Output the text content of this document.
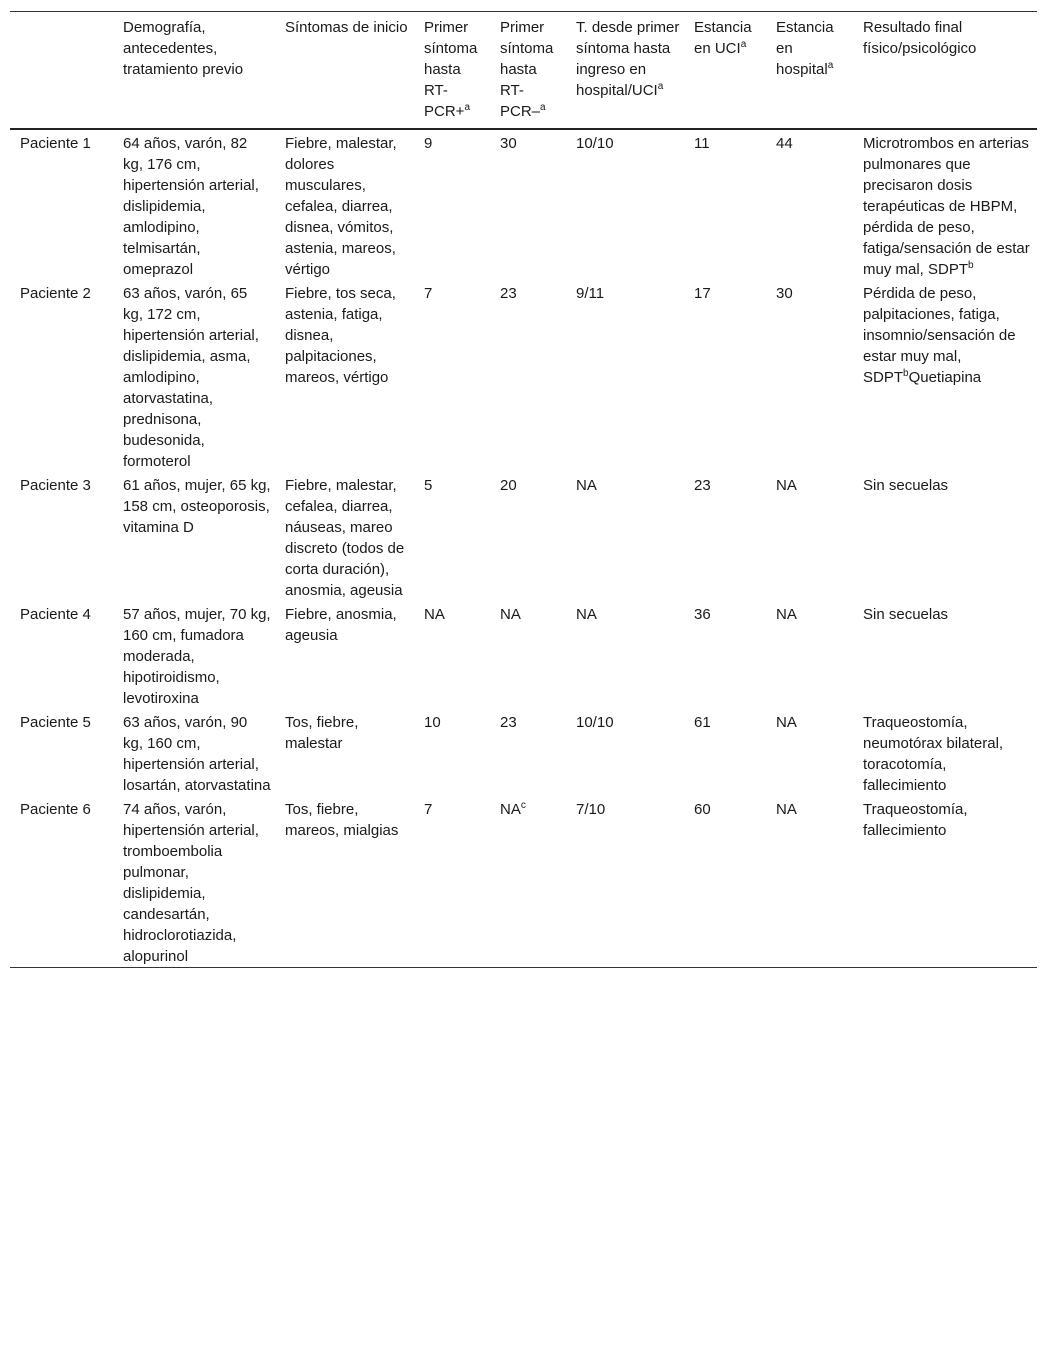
	Demografía, antecedentes, tratamiento previo	Síntomas de inicio	Primer síntoma hasta RT-PCR+$^a$	Primer síntoma hasta RT-PCR–$^a$	T. desde primer síntoma hasta ingreso en hospital/UCI$^a$	Estancia en UCI$^a$	Estancia en hospital$^a$	Resultado final físico/psicológico
Paciente 1	64 años, varón, 82 kg, 176 cm, hipertensión arterial, dislipidemia, amlodipino, telmisartán, omeprazol	Fiebre, malestar, dolores musculares, cefalea, diarrea, disnea, vómitos, astenia, mareos, vértigo	9	30	10/10	11	44	Microtrombos en arterias pulmonares que precisaron dosis terapéuticas de HBPM, pérdida de peso, fatiga/sensación de estar muy mal, SDPT$^b$
Paciente 2	63 años, varón, 65 kg, 172 cm, hipertensión arterial, dislipidemia, asma, amlodipino, atorvastatina, prednisona, budesonida, formoterol	Fiebre, tos seca, astenia, fatiga, disnea, palpitaciones, mareos, vértigo	7	23	9/11	17	30	Pérdida de peso, palpitaciones, fatiga, insomnio/sensación de estar muy mal, SDPT$^b$Quetiapina
Paciente 3	61 años, mujer, 65 kg, 158 cm, osteoporosis, vitamina D	Fiebre, malestar, cefalea, diarrea, náuseas, mareo discreto (todos de corta duración), anosmia, ageusia	5	20	NA	23	NA	Sin secuelas
Paciente 4	57 años, mujer, 70 kg, 160 cm, fumadora moderada, hipotiroidismo, levotiroxina	Fiebre, anosmia, ageusia	NA	NA	NA	36	NA	Sin secuelas
Paciente 5	63 años, varón, 90 kg, 160 cm, hipertensión arterial, losartán, atorvastatina	Tos, fiebre, malestar	10	23	10/10	61	NA	Traqueostomía, neumotórax bilateral, toracotomía, fallecimiento
Paciente 6	74 años, varón, hipertensión arterial, tromboembolia pulmonar, dislipidemia, candesartán, hidroclorotiazida, alopurinol	Tos, fiebre, mareos, mialgias	7	$NA^c$	7/10	60	NA	Traqueostomía, fallecimiento
